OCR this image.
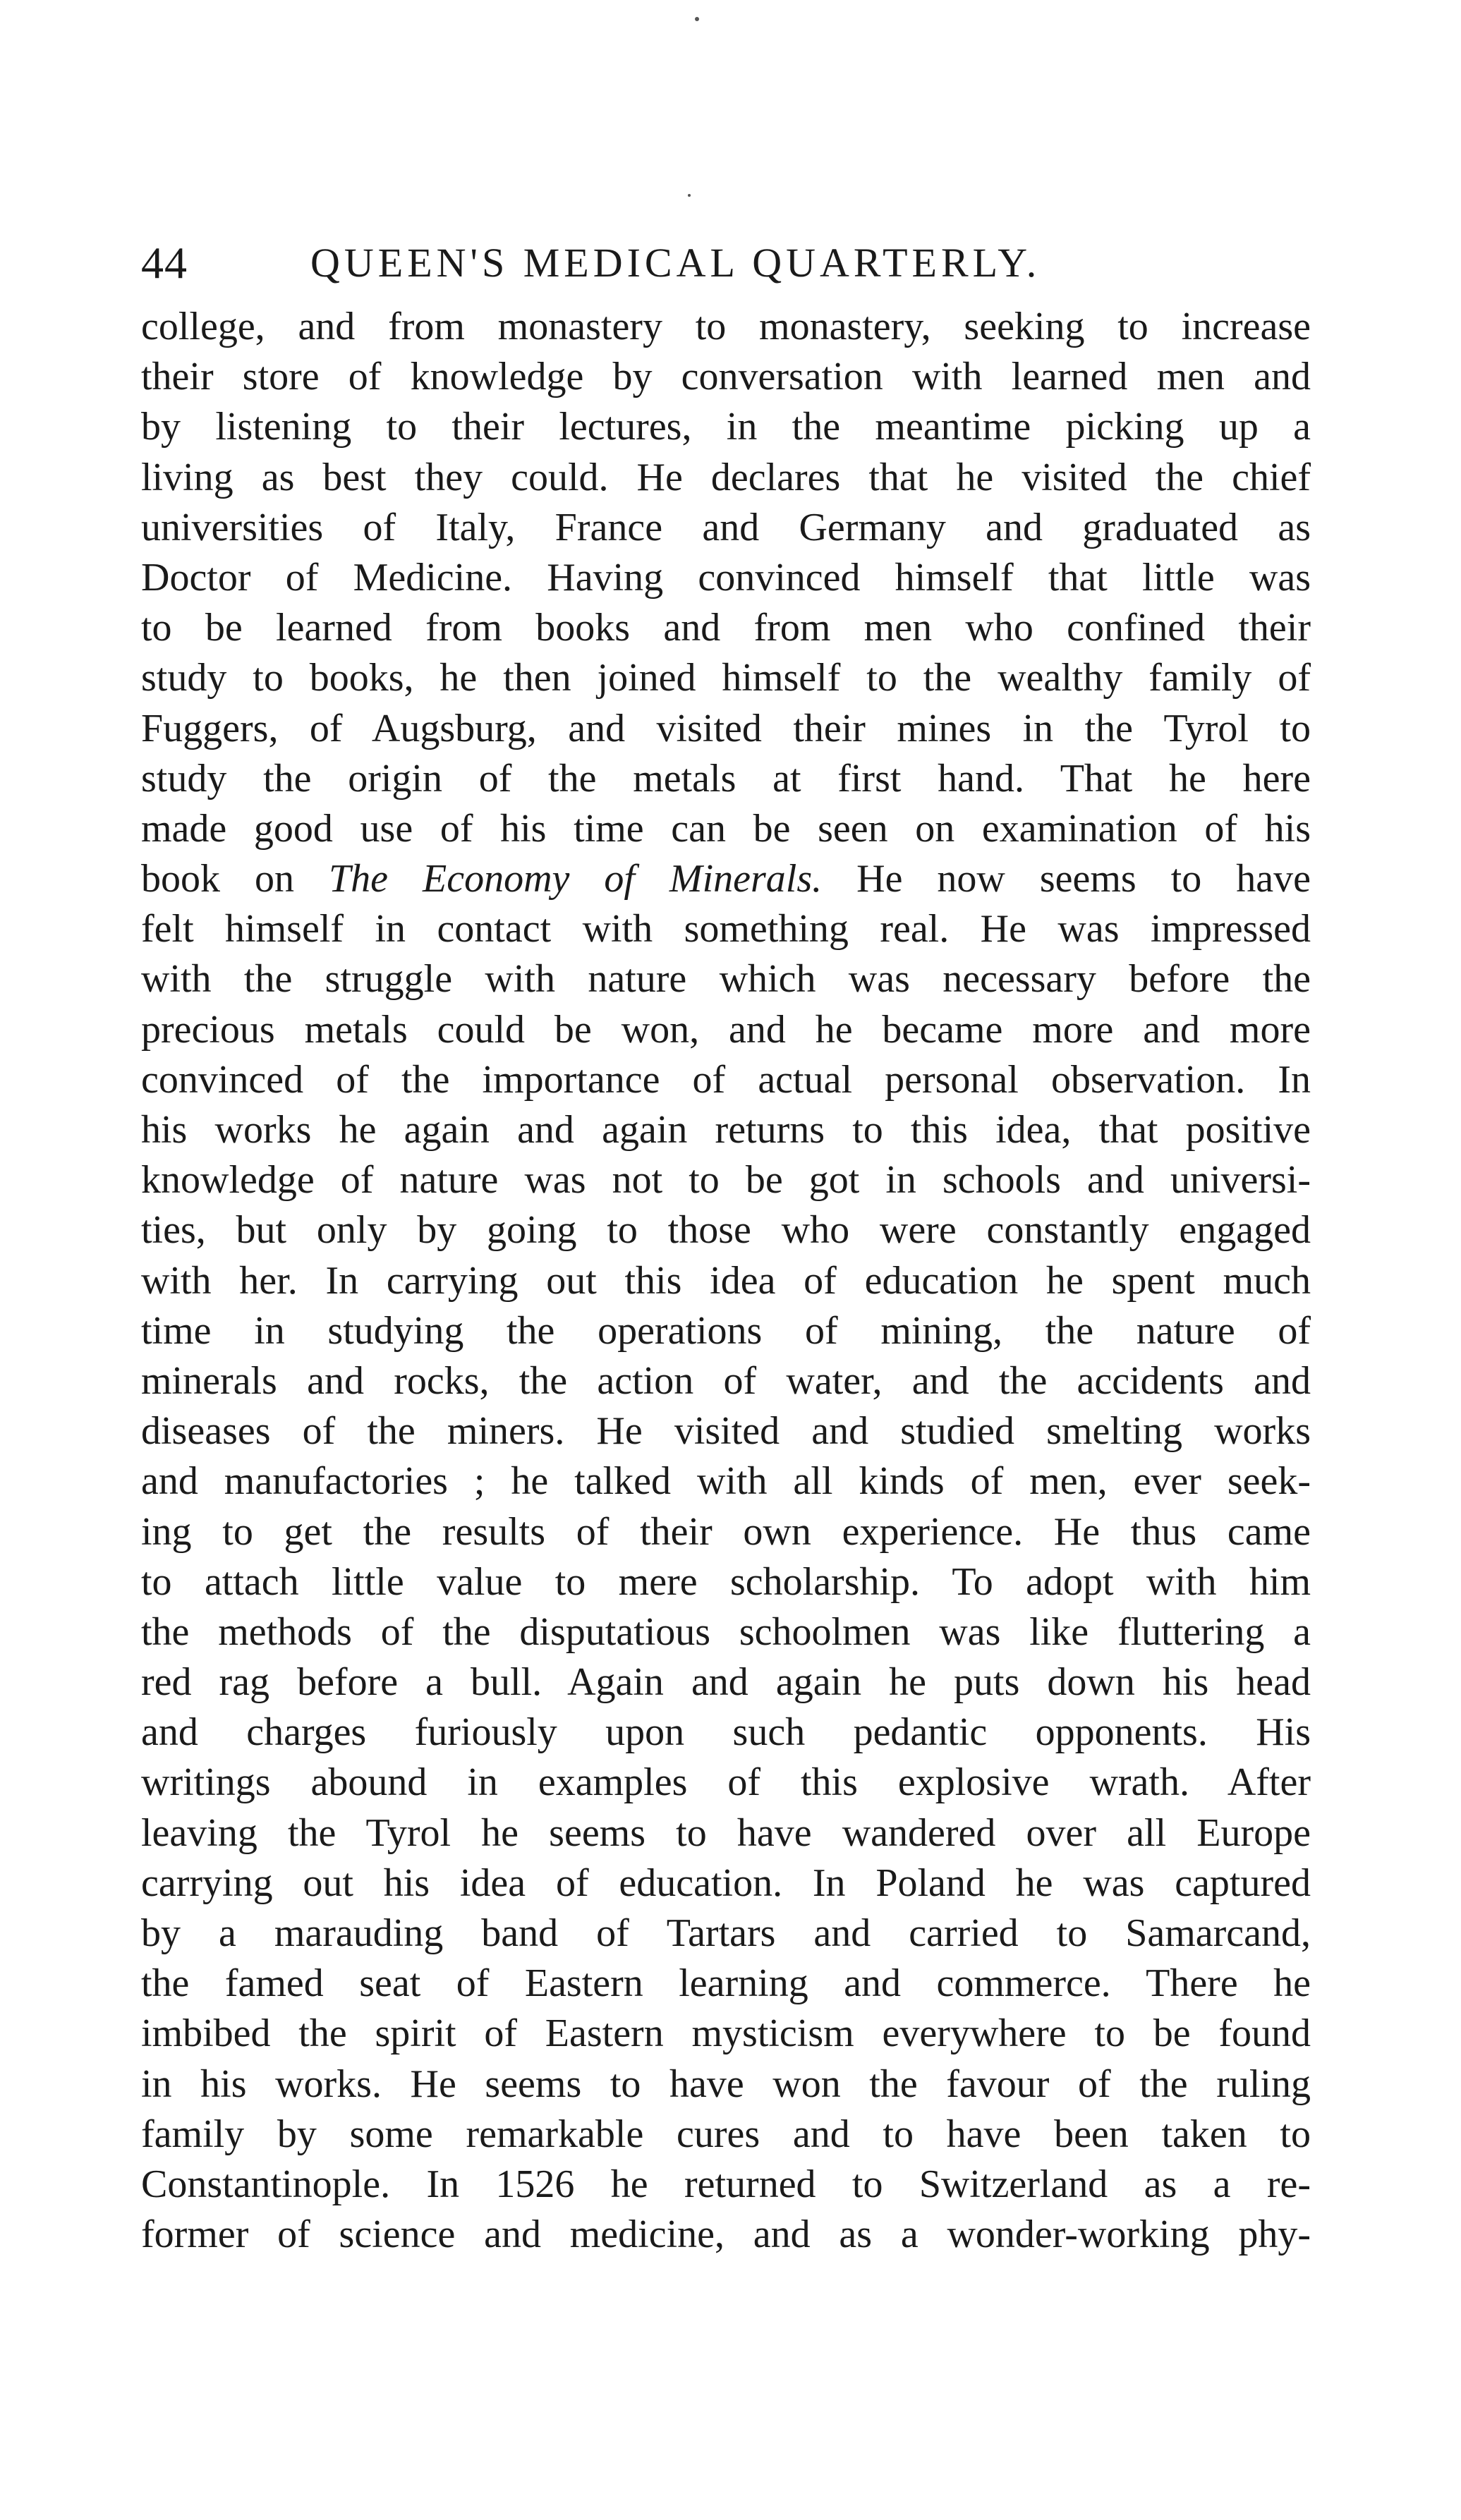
44	QUEEN'S MEDICAL QUARTERLY.
college, and from monastery to monastery, seeking to increase
their store of knowledge by conversation with learned men and
by listening to their lectures, in the meantime picking up a
living as best they could. He declares that he visited the chief
universities of Italy, France and Germany and graduated as
Doctor of Medicine. Having convinced himself that little was
to be learned from books and from men who confined their
study to books, he then joined himself to the wealthy family of
Fuggers, of Augsburg, and visited their mines in the Tyrol to
study the origin of the metals at first hand. That he here
made good use of his time can be seen on examination of his
book on The Economy of Minerals. He now seems to have
felt himself in contact with something real. He was impressed
with the struggle with nature which was necessary before the
precious metals could be won, and he became more and more
convinced of the importance of actual personal observation. In
his works he again and again returns to this idea, that positive
knowledge of nature was not to be got in schools and universi-
ties, but only by going to those who were constantly engaged
with her. In carrying out this idea of education he spent much
time in studying the operations of mining, the nature of
minerals and rocks, the action of water, and the accidents and
diseases of the miners. He visited and studied smelting works
and manufactories ; he talked with all kinds of men, ever seek-
ing to get the results of their own experience. He thus came
to attach little value to mere scholarship. To adopt with him
the methods of the disputatious schoolmen was like fluttering a
red rag before a bull. Again and again he puts down his head
and charges furiously upon such pedantic opponents. His
writings abound in examples of this explosive wrath. After
leaving the Tyrol he seems to have wandered over all Europe
carrying out his idea of education. In Poland he was captured
by a marauding band of Tartars and carried to Samarcand,
the famed seat of Eastern learning and commerce. There he
imbibed the spirit of Eastern mysticism everywhere to be found
in his works. He seems to have won the favour of the ruling
family by some remarkable cures and to have been taken to
Constantinople. In 1526 he returned to Switzerland as a re-
former of science and medicine, and as a wonder-working phy-
